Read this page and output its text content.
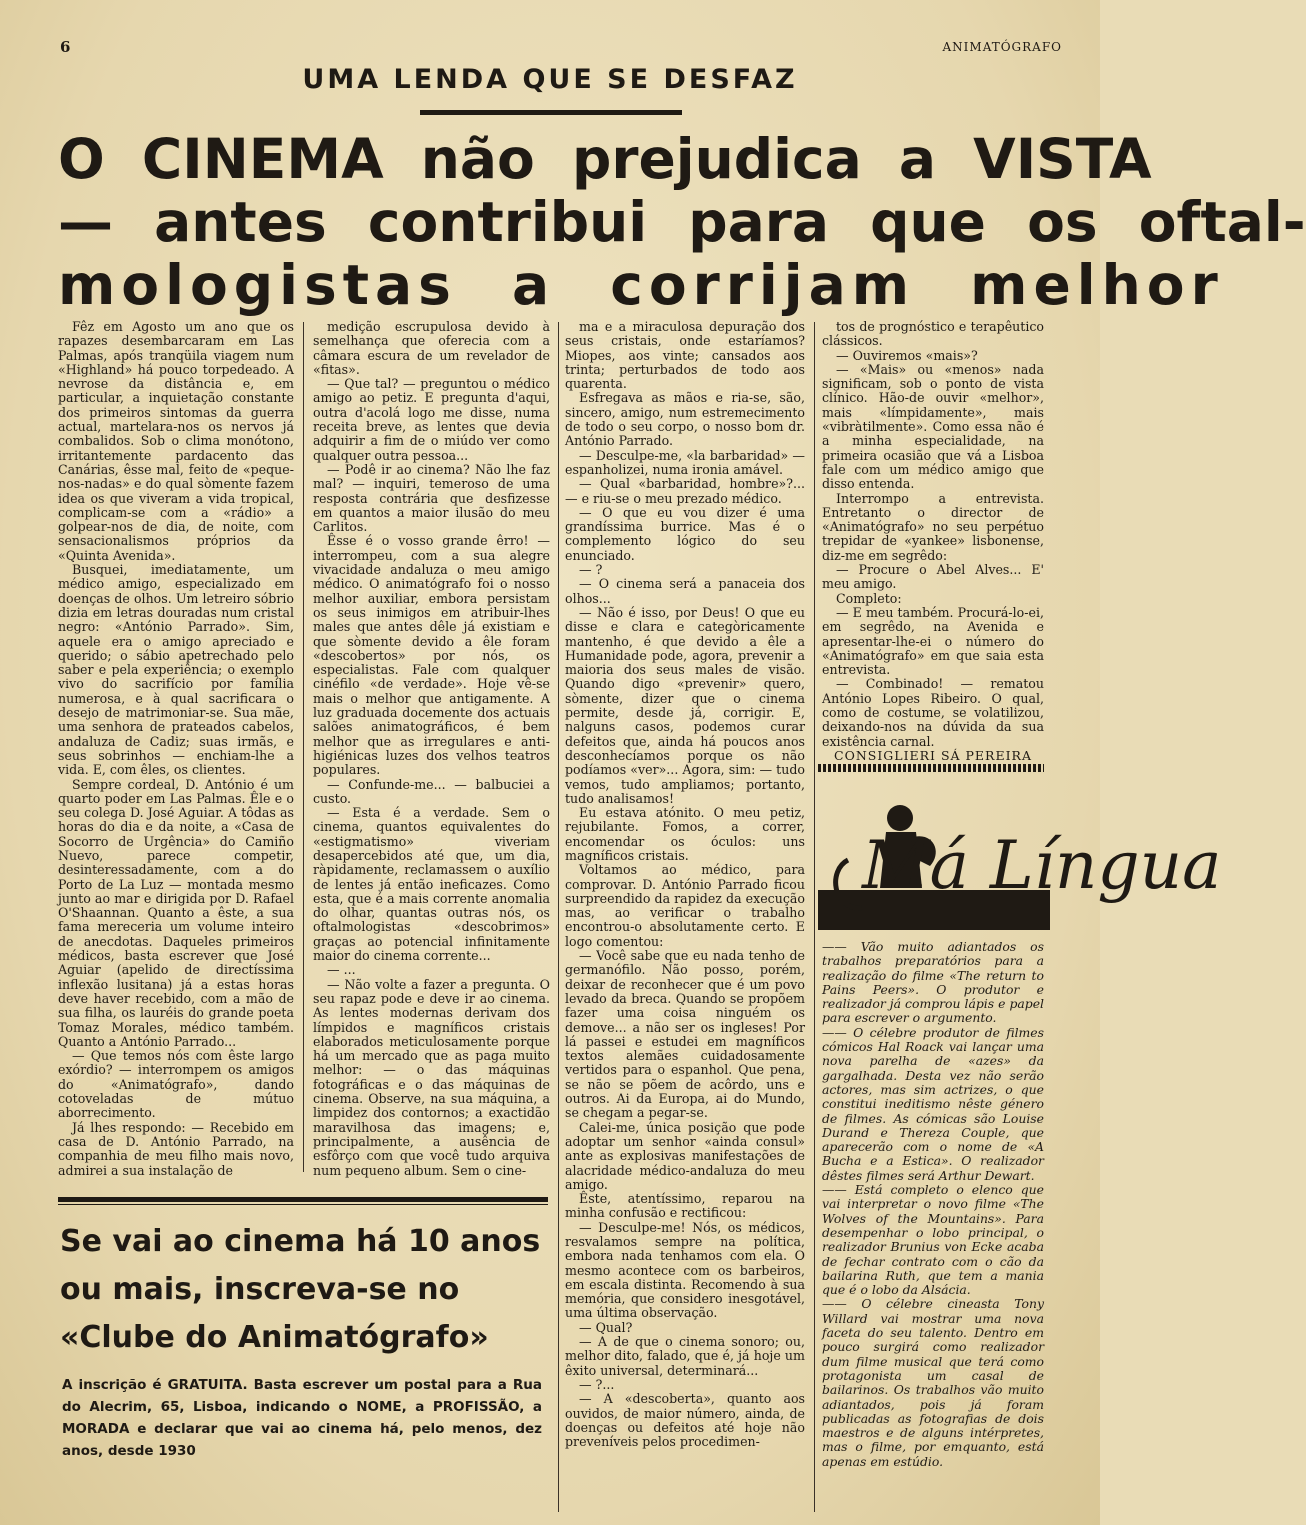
6	ANIMATÓGRAFO
UMA LENDA QUE SE DESFAZ
O CINEMA não prejudica a VISTA
— antes contribui para que os oftal-
mologistas a corrijam melhor

Fêz em Agosto um ano que os rapazes desembarcaram em Las Palmas, após tranqüila viagem num «Highland» há pouco torpedeado. A nevrose da distância e, em particular, a inquietação constante dos primeiros sintomas da guerra actual, martelara-nos os nervos já combalidos. Sob o clima monótono, irritantemente pardacento das Canárias, êsse mal, feito de «peque-nos-nadas» e do qual sòmente fazem idea os que viveram a vida tropical, complicam-se com a «rádio» a golpear-nos de dia, de noite, com sensacionalismos próprios da «Quinta Avenida».

Busquei, imediatamente, um médico amigo, especializado em doenças de olhos. Um letreiro sóbrio dizia em letras douradas num cristal negro: «António Parrado». Sim, aquele era o amigo apreciado e querido; o sábio apetrechado pelo saber e pela experiência; o exemplo vivo do sacrifício por família numerosa, e à qual sacrificara o desejo de matrimoniar-se. Sua mãe, uma senhora de prateados cabelos, andaluza de Cadiz; suas irmãs, e seus sobrinhos — enchiam-lhe a vida. E, com êles, os clientes.

Sempre cordeal, D. António é um quarto poder em Las Palmas. Êle e o seu colega D. José Aguiar. A tôdas as horas do dia e da noite, a «Casa de Socorro de Urgência» do Camiño Nuevo, parece competir, desinteressadamente, com a do Porto de La Luz — montada mesmo junto ao mar e dirigida por D. Rafael O'Shaannan. Quanto a êste, a sua fama mereceria um volume inteiro de anecdotas. Daqueles primeiros médicos, basta escrever que José Aguiar (apelido de directíssima inflexão lusitana) já a estas horas deve haver recebido, com a mão de sua filha, os lauréis do grande poeta Tomaz Morales, médico também. Quanto a António Parrado...

— Que temos nós com êste largo exórdio? — interrompem os amigos do «Animatógrafo», dando cotoveladas de mútuo aborrecimento.

Já lhes respondo: — Recebido em casa de D. António Parrado, na companhia de meu filho mais novo, admirei a sua instalação de

medição escrupulosa devido à semelhança que oferecia com a câmara escura de um revelador de «fitas».

— Que tal? — preguntou o médico amigo ao petiz. E pregunta d'aqui, outra d'acolá logo me disse, numa receita breve, as lentes que devia adquirir a fim de o miúdo ver como qualquer outra pessoa...

— Podê ir ao cinema? Não lhe faz mal? — inquiri, temeroso de uma resposta contrária que desfizesse em quantos a maior ilusão do meu Carlitos.

Êsse é o vosso grande êrro! — interrompeu, com a sua alegre vivacidade andaluza o meu amigo médico. O animatógrafo foi o nosso melhor auxiliar, embora persistam os seus inimigos em atribuir-lhes males que antes dêle já existiam e que sòmente devido a êle foram «descobertos» por nós, os especialistas. Fale com qualquer cinéfilo «de verdade». Hoje vê-se mais o melhor que antigamente. A luz graduada docemente dos actuais salões animatográficos, é bem melhor que as irregulares e anti-higiénicas luzes dos velhos teatros populares.

— Confunde-me... — balbuciei a custo.

— Esta é a verdade. Sem o cinema, quantos equivalentes do «estigmatismo» viveriam desapercebidos até que, um dia, ràpidamente, reclamassem o auxílio de lentes já então ineficazes. Como esta, que é a mais corrente anomalia do olhar, quantas outras nós, os oftalmologistas «descobrimos» graças ao potencial infinitamente maior do cinema corrente...

— ...

— Não volte a fazer a pregunta. O seu rapaz pode e deve ir ao cinema. As lentes modernas derivam dos límpidos e magníficos cristais elaborados meticulosamente porque há um mercado que as paga muito melhor: — o das máquinas fotográficas e o das máquinas de cinema. Observe, na sua máquina, a limpidez dos contornos; a exactidão maravilhosa das imagens; e, principalmente, a ausência de esfôrço com que você tudo arquiva num pequeno album. Sem o cine-

ma e a miraculosa depuração dos seus cristais, onde estaríamos? Miopes, aos vinte; cansados aos trinta; perturbados de todo aos quarenta.

Esfregava as mãos e ria-se, são, sincero, amigo, num estremecimento de todo o seu corpo, o nosso bom dr. António Parrado.

— Desculpe-me, «la barbaridad» — espanholizei, numa ironia amável.

— Qual «barbaridad, hombre»?... — e riu-se o meu prezado médico.

— O que eu vou dizer é uma grandíssima burrice. Mas é o complemento lógico do seu enunciado.

— ?

— O cinema será a panaceia dos olhos...

— Não é isso, por Deus! O que eu disse e clara e categòricamente mantenho, é que devido a êle a Humanidade pode, agora, prevenir a maioria dos seus males de visão. Quando digo «prevenir» quero, sòmente, dizer que o cinema permite, desde já, corrigir. E, nalguns casos, podemos curar defeitos que, ainda há poucos anos desconhecíamos porque os não podíamos «ver»... Agora, sim: — tudo vemos, tudo ampliamos; portanto, tudo analisamos!

Eu estava atónito. O meu petiz, rejubilante. Fomos, a correr, encomendar os óculos: uns magníficos cristais.

Voltamos ao médico, para comprovar. D. António Parrado ficou surpreendido da rapidez da execução mas, ao verificar o trabalho encontrou-o absolutamente certo. E logo comentou:

— Você sabe que eu nada tenho de germanófilo. Não posso, porém, deixar de reconhecer que é um povo levado da breca. Quando se propõem fazer uma coisa ninguém os demove... a não ser os ingleses! Por lá passei e estudei em magníficos textos alemães cuidadosamente vertidos para o espanhol. Que pena, se não se põem de acôrdo, uns e outros. Ai da Europa, ai do Mundo, se chegam a pegar-se.

Calei-me, única posição que pode adoptar um senhor «ainda consul» ante as explosivas manifestações de alacridade médico-andaluza do meu amigo.

Êste, atentíssimo, reparou na minha confusão e rectificou:

— Desculpe-me! Nós, os médicos, resvalamos sempre na política, embora nada tenhamos com ela. O mesmo acontece com os barbeiros, em escala distinta. Recomendo à sua memória, que considero inesgotável, uma última observação.

— Qual?

— A de que o cinema sonoro; ou, melhor dito, falado, que é, já hoje um êxito universal, determinará...

— ?...

— A «descoberta», quanto aos ouvidos, de maior número, ainda, de doenças ou defeitos até hoje não preveníveis pelos procedimen-

tos de prognóstico e terapêutico clássicos.

— Ouviremos «mais»?

— «Mais» ou «menos» nada significam, sob o ponto de vista clínico. Hão-de ouvir «melhor», mais «límpidamente», mais «vibràtilmente». Como essa não é a minha especialidade, na primeira ocasião que vá a Lisboa fale com um médico amigo que disso entenda.

Interrompo a entrevista. Entretanto o director de «Animatógrafo» no seu perpétuo trepidar de «yankee» lisbonense, diz-me em segrêdo:

— Procure o Abel Alves... E' meu amigo.

Completo:

— E meu também. Procurá-lo-ei, em segrêdo, na Avenida e apresentar-lhe-ei o número do «Animatógrafo» em que saia esta entrevista.

— Combinado! — rematou António Lopes Ribeiro. O qual, como de costume, se volatilizou, deixando-nos na dúvida da sua existência carnal.

CONSIGLIERI SÁ PEREIRA

Má Língua

—— Vão muito adiantados os trabalhos preparatórios para a realização do filme «The return to Pains Peers». O produtor e realizador já comprou lápis e papel para escrever o argumento.

—— O célebre produtor de filmes cómicos Hal Roack vai lançar uma nova parelha de «azes» da gargalhada. Desta vez não serão actores, mas sim actrizes, o que constitui ineditismo nêste género de filmes. As cómicas são Louise Durand e Thereza Couple, que aparecerão com o nome de «A Bucha e a Estica». O realizador dêstes filmes será Arthur Dewart.

—— Está completo o elenco que vai interpretar o novo filme «The Wolves of the Mountains». Para desempenhar o lobo principal, o realizador Brunius von Ecke acaba de fechar contrato com o cão da bailarina Ruth, que tem a mania que é o lobo da Alsácia.

—— O célebre cineasta Tony Willard vai mostrar uma nova faceta do seu talento. Dentro em pouco surgirá como realizador dum filme musical que terá como protagonista um casal de bailarinos. Os trabalhos vão muito adiantados, pois já foram publicadas as fotografias de dois maestros e de alguns intérpretes, mas o filme, por emquanto, está apenas em estúdio.

Se vai ao cinema há 10 anos
ou mais, inscreva-se no
«Clube do Animatógrafo»
A inscrição é GRATUITA. Basta escrever um postal para a Rua do Alecrim, 65, Lisboa, indicando o NOME, a PROFISSÃO, a MORADA e declarar que vai ao cinema há, pelo menos, dez anos, desde 1930
